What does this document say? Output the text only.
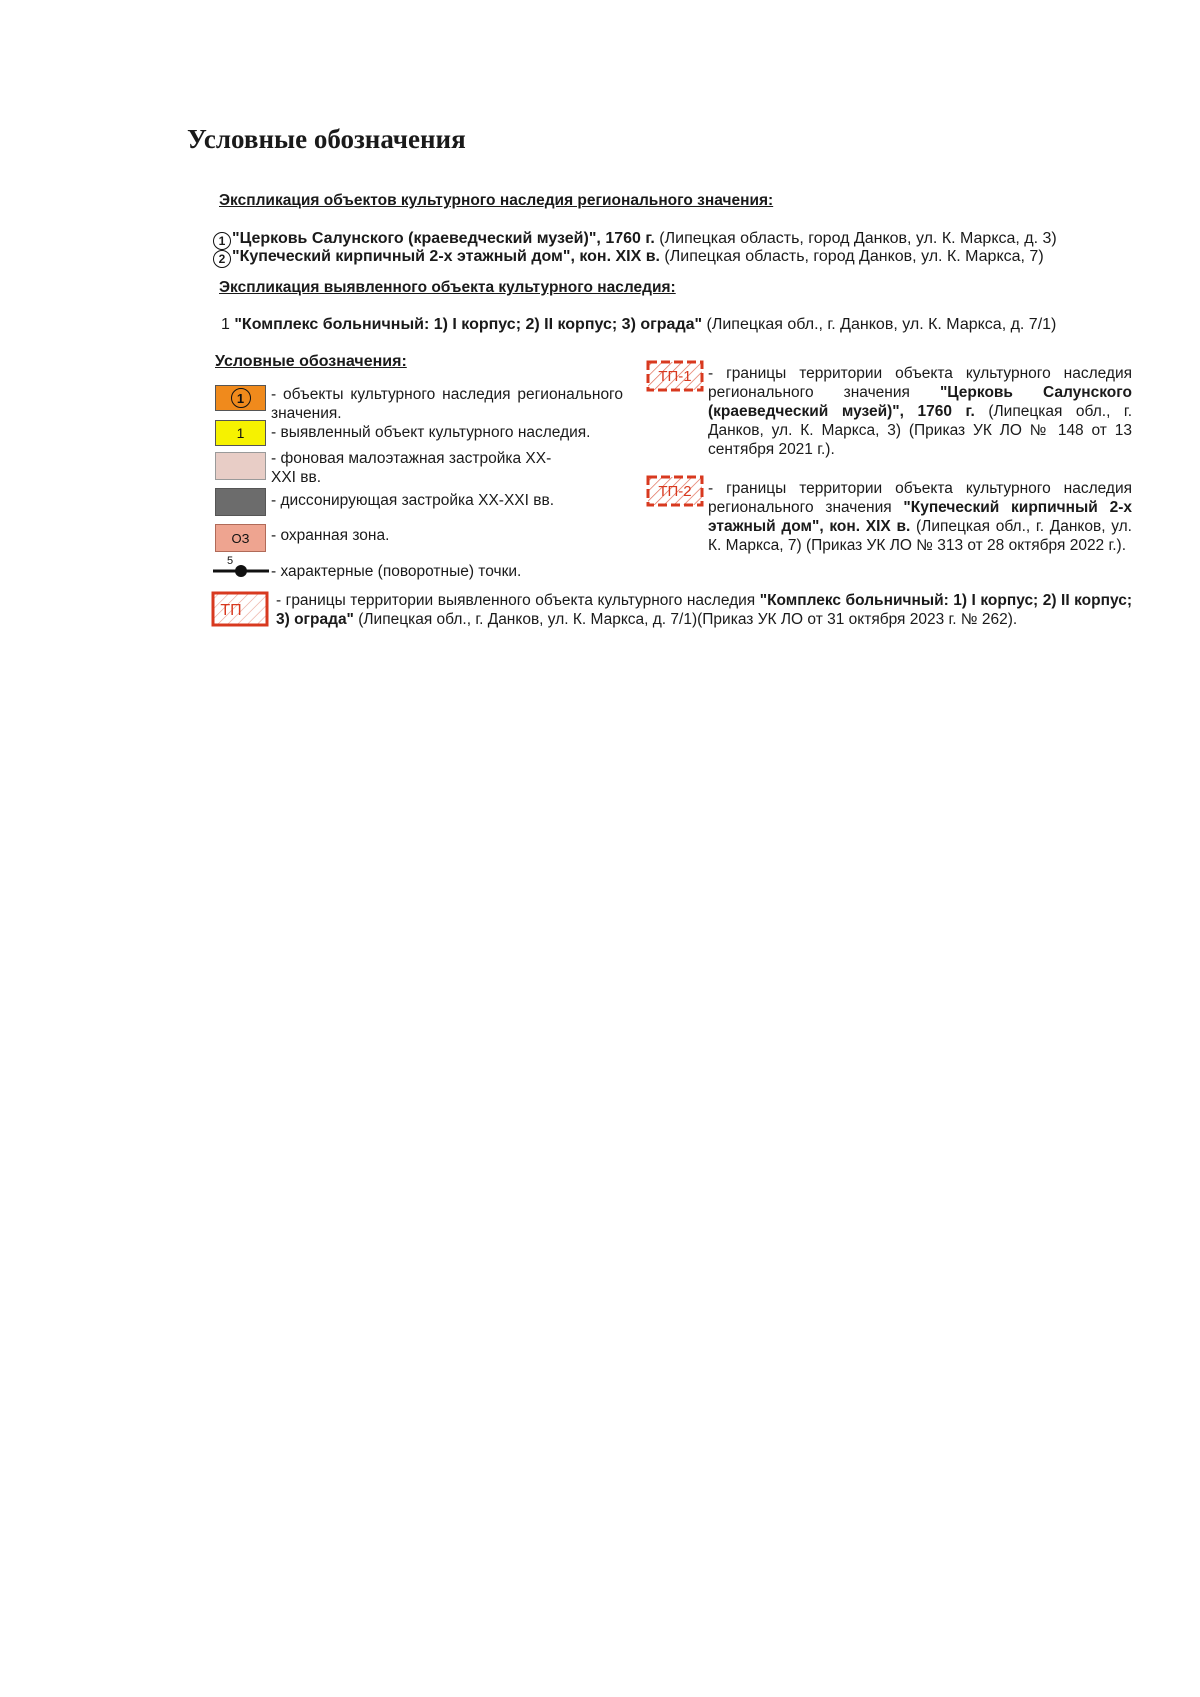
Условные обозначения
Экспликация объектов культурного наследия регионального значения:
1 "Церковь Салунского (краеведческий музей)", 1760 г. (Липецкая область, город Данков, ул. К. Маркса, д. 3)
2 "Купеческий кирпичный 2-х этажный дом", кон. XIX в. (Липецкая область, город Данков, ул. К. Маркса, 7)
Экспликация выявленного объекта культурного наследия:
1 "Комплекс больничный: 1) I корпус; 2) II корпус; 3) ограда" (Липецкая обл., г. Данков, ул. К. Маркса, д. 7/1)
Условные обозначения:
1	- объекты культурного наследия регионального значения.
1 - выявленный объект культурного наследия.
- фоновая малоэтажная застройка XX-XXI вв.
- диссонирующая застройка XX-XXI вв.
ОЗ - охранная зона.
5
- характерные (поворотные) точки.
ТП-1 - границы территории объекта культурного наследия регионального значения "Церковь Салунского (краеведческий музей)", 1760 г. (Липецкая обл., г. Данков, ул. К. Маркса, 3) (Приказ УК ЛО № 148 от 13 сентября 2021 г.).
ТП-2 - границы территории объекта культурного наследия регионального значения "Купеческий кирпичный 2-х этажный дом", кон. XIX в. (Липецкая обл., г. Данков, ул. К. Маркса, 7) (Приказ УК ЛО № 313 от 28 октября 2022 г.).
ТП
- границы территории выявленного объекта культурного наследия "Комплекс больничный: 1) I корпус; 2) II корпус; 3) ограда" (Липецкая обл., г. Данков, ул. К. Маркса, д. 7/1)(Приказ УК ЛО от 31 октября 2023 г. № 262).
